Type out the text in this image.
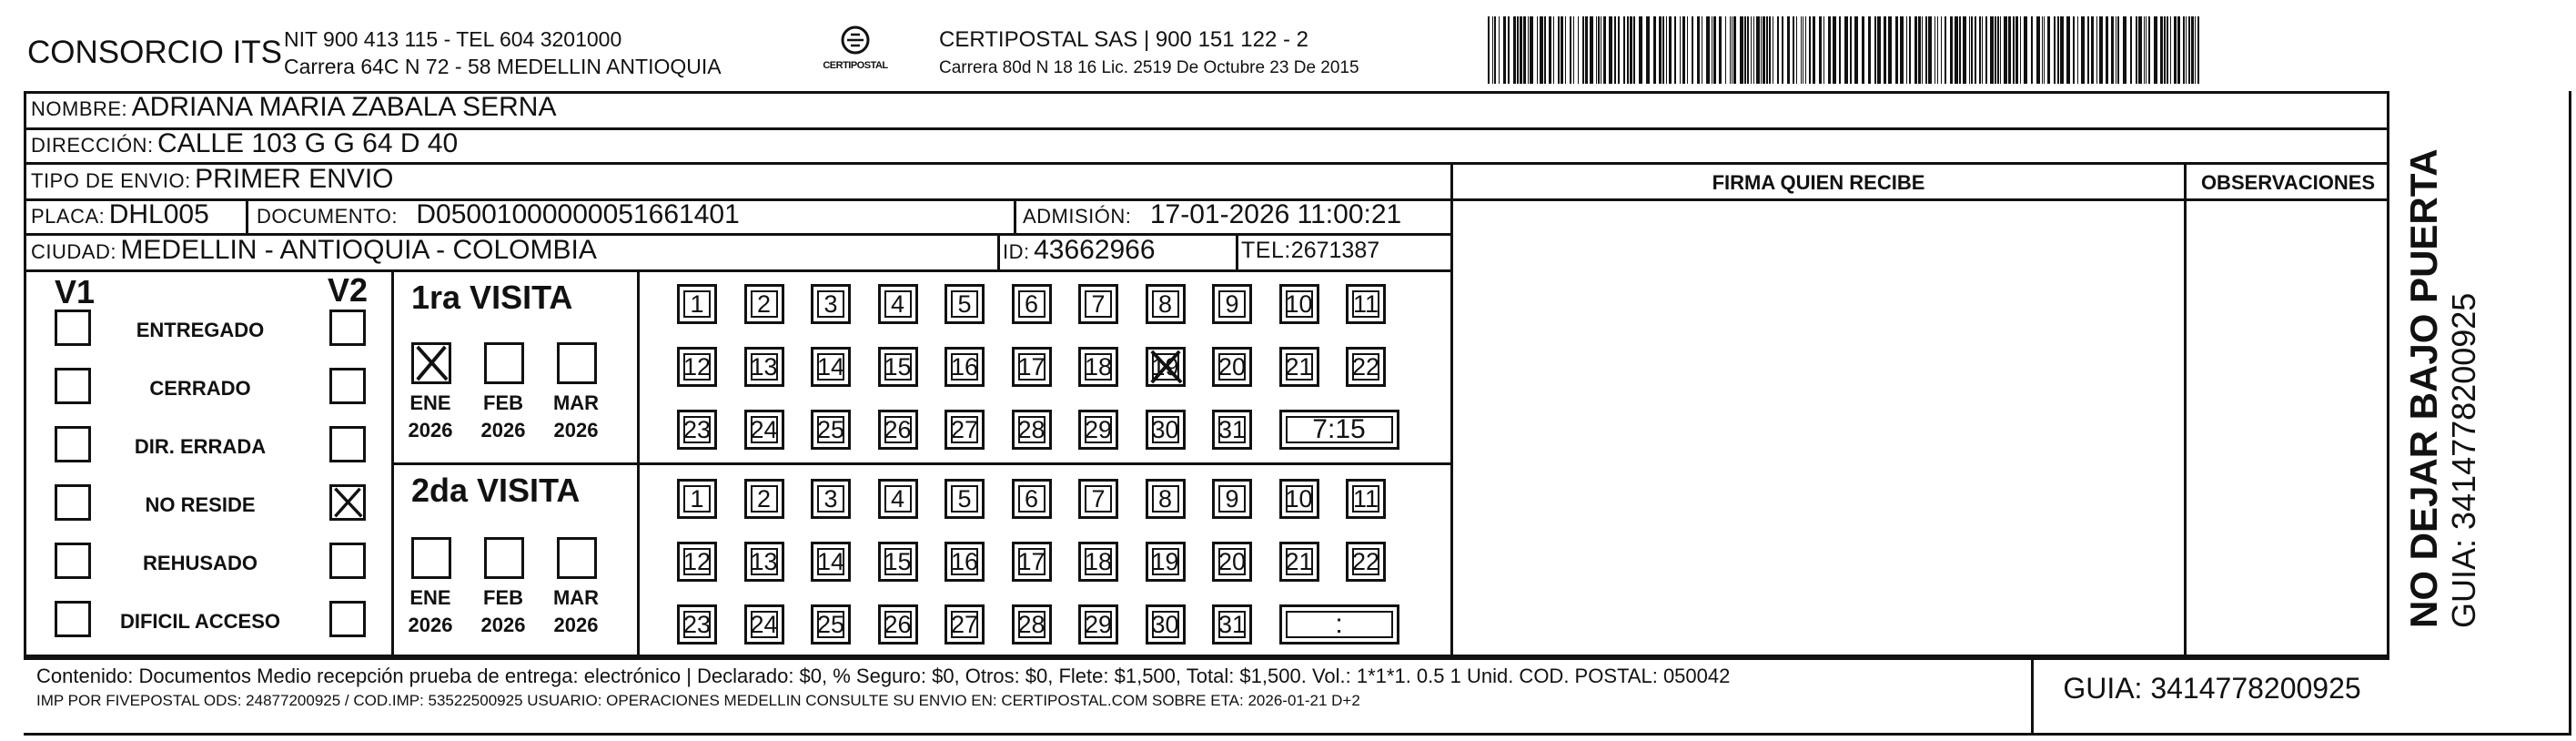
CONSORCIO ITS NIT 900 413 115 - TEL 604 3201000
Carrera 64C N 72 - 58 MEDELLIN ANTIOQUIA	CERTIPOSTAL
CERTIPOSTAL SAS | 900 151 122 - 2
Carrera 80d N 18 16 Lic. 2519 De Octubre 23 De 2015
NOMBRE: ADRIANA MARIA ZABALA SERNA
DIRECCIÓN: CALLE 103 G G 64 D 40
TIPO DE ENVIO: PRIMER ENVIO	FIRMA QUIEN RECIBE	OBSERVACIONES
PLACA: DHL005 DOCUMENTO: D05001000000051661401	ADMISIÓN: 17-01-2026 11:00:21
CIUDAD: MEDELLIN - ANTIOQUIA - COLOMBIA	ID: 43662966	TEL:2671387
V1	V2
ENTREGADO
CERRADO
DIR. ERRADA
NO RESIDE
REHUSADO
DIFICIL ACCESO
1ra VISITA
2da VISITA
ENE
2026
FEB
2026
MAR
2026
ENE
2026
FEB
2026
MAR
2026
1	2	3	4	5	6	7	8	9	10 11
12 13 14 15 16 17 18 19 20 21 22
23 24 25 26 27 28 29 30 31	7:15
1	2	3	4	5	6	7	8	9	10 11
12 13 14 15 16 17 18 19 20 21 22
23 24 25 26 27 28 29 30 31	:
Contenido: Documentos Medio recepción prueba de entrega: electrónico | Declarado: $0, % Seguro: $0, Otros: $0, Flete: $1,500, Total: $1,500. Vol.: 1*1*1. 0.5 1 Unid. COD. POSTAL: 050042
IMP POR FIVEPOSTAL ODS: 24877200925 / COD.IMP: 53522500925 USUARIO: OPERACIONES MEDELLIN CONSULTE SU ENVIO EN: CERTIPOSTAL.COM SOBRE ETA: 2026-01-21 D+2	GUIA: 3414778200925
NO DEJAR BAJO PUERTA GUIA: 3414778200925
